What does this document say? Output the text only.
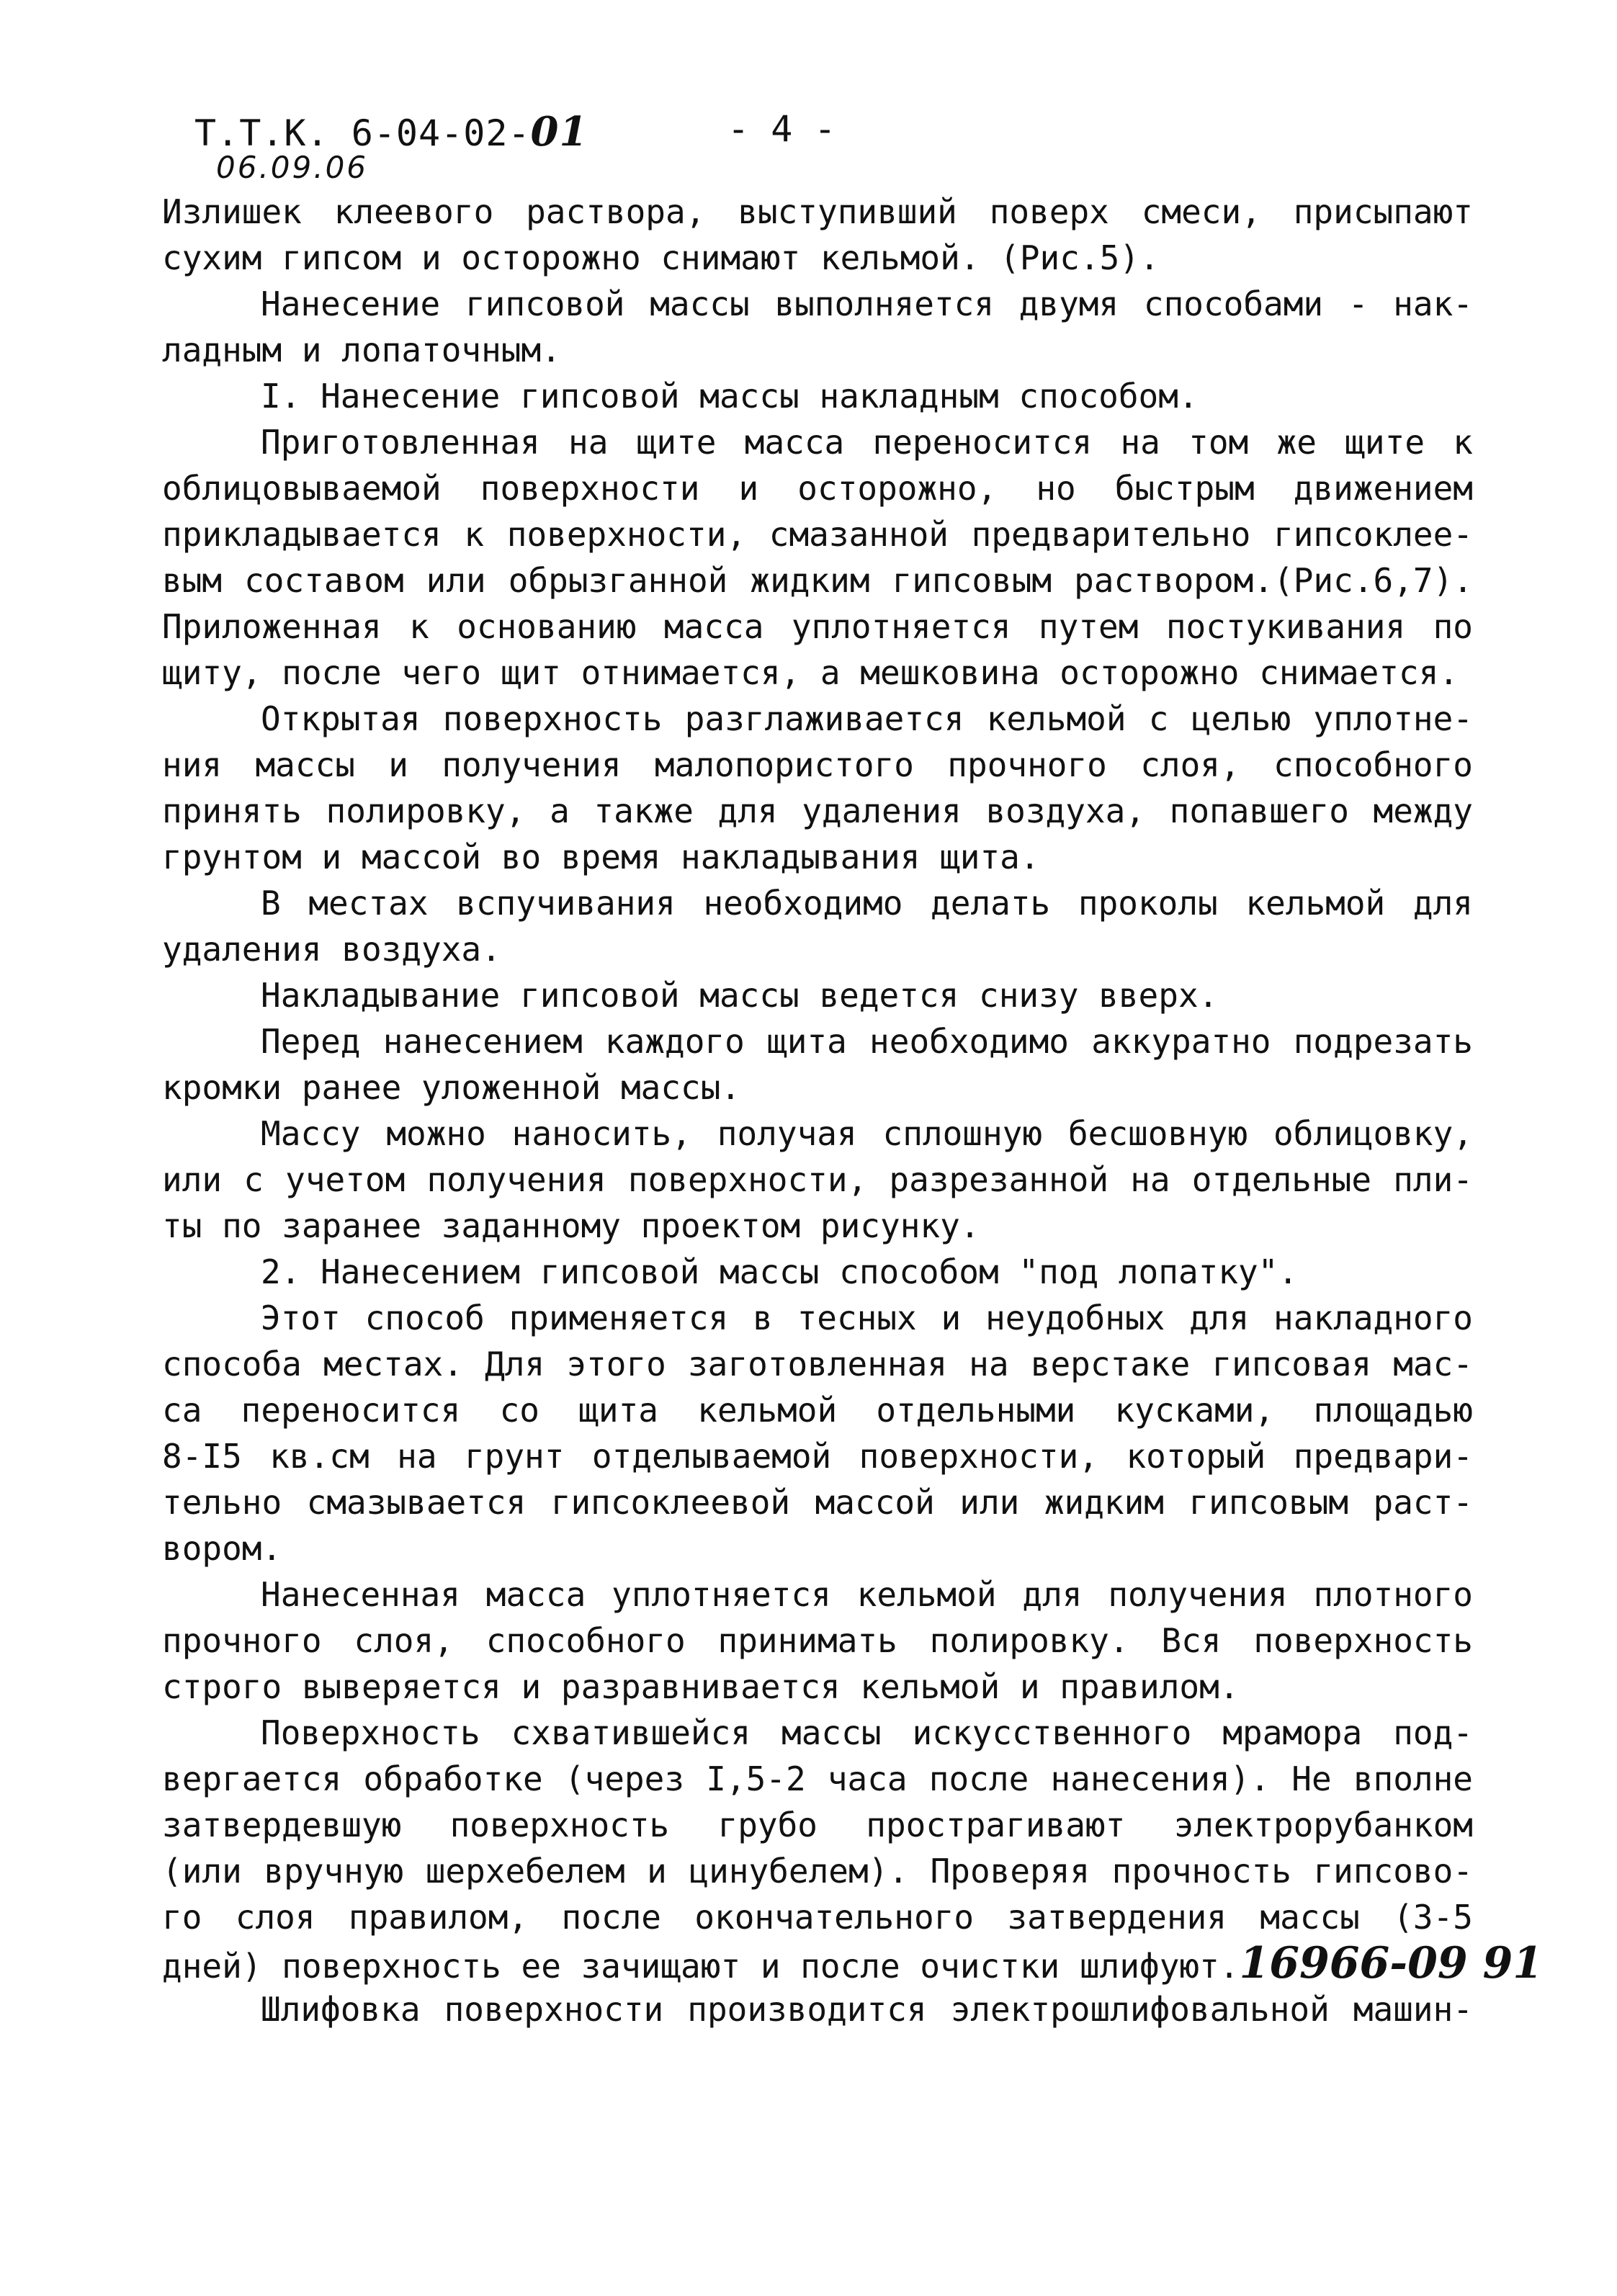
Т.Т.К. 6-04-02-01
06.09.06
- 4 -
Излишек клеевого раствора, выступивший поверх смеси, присыпают
сухим гипсом и осторожно снимают кельмой. (Рис.5).
Нанесение гипсовой массы выполняется двумя способами - нак-
ладным и лопаточным.
I. Нанесение гипсовой массы накладным способом.
Приготовленная на щите масса переносится на том же щите к
облицовываемой поверхности и осторожно, но быстрым движением
прикладывается к поверхности, смазанной предварительно гипсоклее-
вым составом или обрызганной жидким гипсовым раствором.(Рис.6,7).
Приложенная к основанию масса уплотняется путем постукивания по
щиту, после чего щит отнимается, а мешковина осторожно снимается.
Открытая поверхность разглаживается кельмой с целью уплотне-
ния массы и получения малопористого прочного слоя, способного
принять полировку, а также для удаления воздуха, попавшего между
грунтом и массой во время накладывания щита.
В местах вспучивания необходимо делать проколы кельмой для
удаления воздуха.
Накладывание гипсовой массы ведется снизу вверх.
Перед нанесением каждого щита необходимо аккуратно подрезать
кромки ранее уложенной массы.
Массу можно наносить, получая сплошную бесшовную облицовку,
или с учетом получения поверхности, разрезанной на отдельные пли-
ты по заранее заданному проектом рисунку.
2. Нанесением гипсовой массы способом "под лопатку".
Этот способ применяется в тесных и неудобных для накладного
способа местах. Для этого заготовленная на верстаке гипсовая мас-
са переносится со щита кельмой отдельными кусками, площадью
8-I5 кв.см на грунт отделываемой поверхности, который предвари-
тельно смазывается гипсоклеевой массой или жидким гипсовым раст-
вором.
Нанесенная масса уплотняется кельмой для получения плотного
прочного слоя, способного принимать полировку. Вся поверхность
строго выверяется и разравнивается кельмой и правилом.
Поверхность схватившейся массы искусственного мрамора под-
вергается обработке (через I,5-2 часа после нанесения). Не вполне
затвердевшую поверхность грубо прострагивают электрорубанком
(или вручную шерхебелем и цинубелем). Проверяя прочность гипсово-
го слоя правилом, после окончательного затвердения массы (3-5
дней) поверхность ее зачищают и после очистки шлифуют.16966-09 91
Шлифовка поверхности производится электрошлифовальной машин-
